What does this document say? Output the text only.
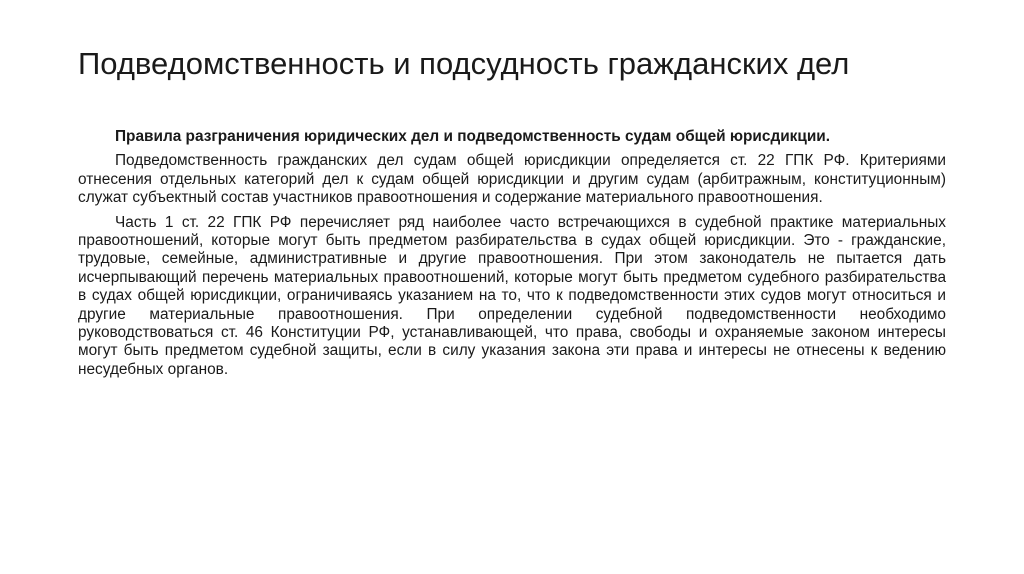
Подведомственность и подсудность гражданских дел

Правила разграничения юридических дел и подведомственность судам общей юрисдикции.

Подведомственность гражданских дел судам общей юрисдикции определяется ст. 22 ГПК РФ. Критериями отнесения отдельных категорий дел к судам общей юрисдикции и другим судам (арбитражным, конституционным) служат субъектный состав участников правоотношения и содержание материального правоотношения.

Часть 1 ст. 22 ГПК РФ перечисляет ряд наиболее часто встречающихся в судебной практике материальных правоотношений, которые могут быть предметом разбирательства в судах общей юрисдикции. Это - гражданские, трудовые, семейные, административные и другие правоотношения. При этом законодатель не пытается дать исчерпывающий перечень материальных правоотношений, которые могут быть предметом судебного разбирательства в судах общей юрисдикции, ограничиваясь указанием на то, что к подведомственности этих судов могут относиться и другие материальные правоотношения. При определении судебной подведомственности необходимо руководствоваться ст. 46 Конституции РФ, устанавливающей, что права, свободы и охраняемые законом интересы могут быть предметом судебной защиты, если в силу указания закона эти права и интересы не отнесены к ведению несудебных органов.
